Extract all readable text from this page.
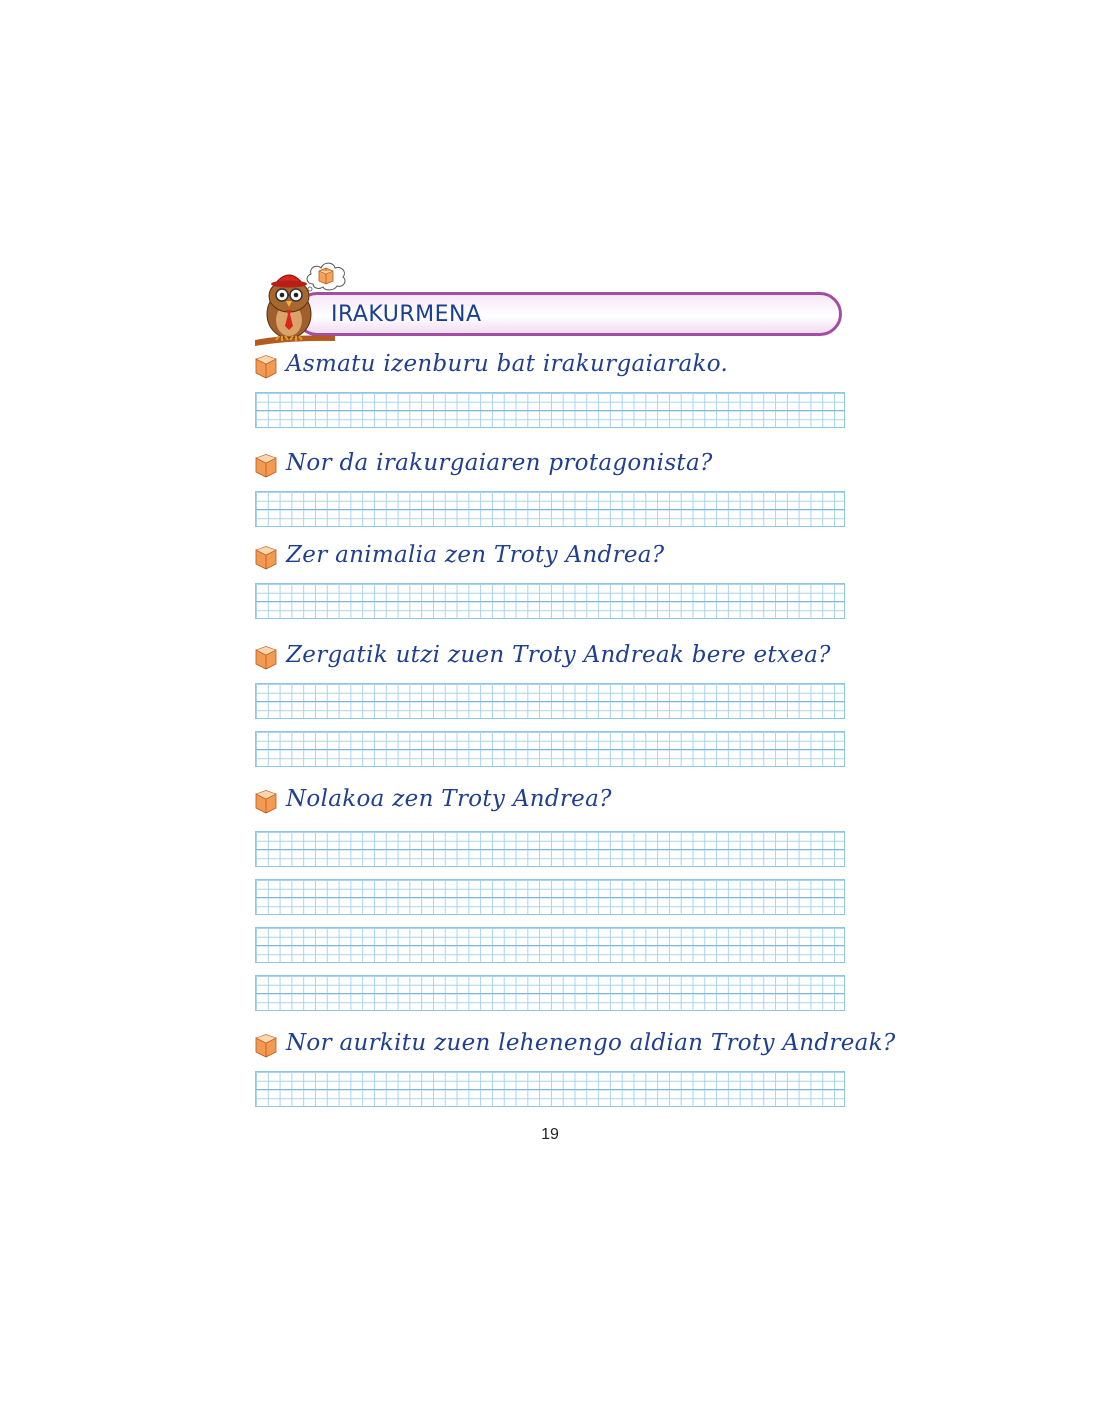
IRAKURMENA
Asmatu izenburu bat irakurgaiarako.
Nor da irakurgaiaren protagonista?
Zer animalia zen Troty Andrea?
Zergatik utzi zuen Troty Andreak bere etxea?
Nolakoa zen Troty Andrea?
Nor aurkitu zuen lehenengo aldian Troty Andreak?
19
